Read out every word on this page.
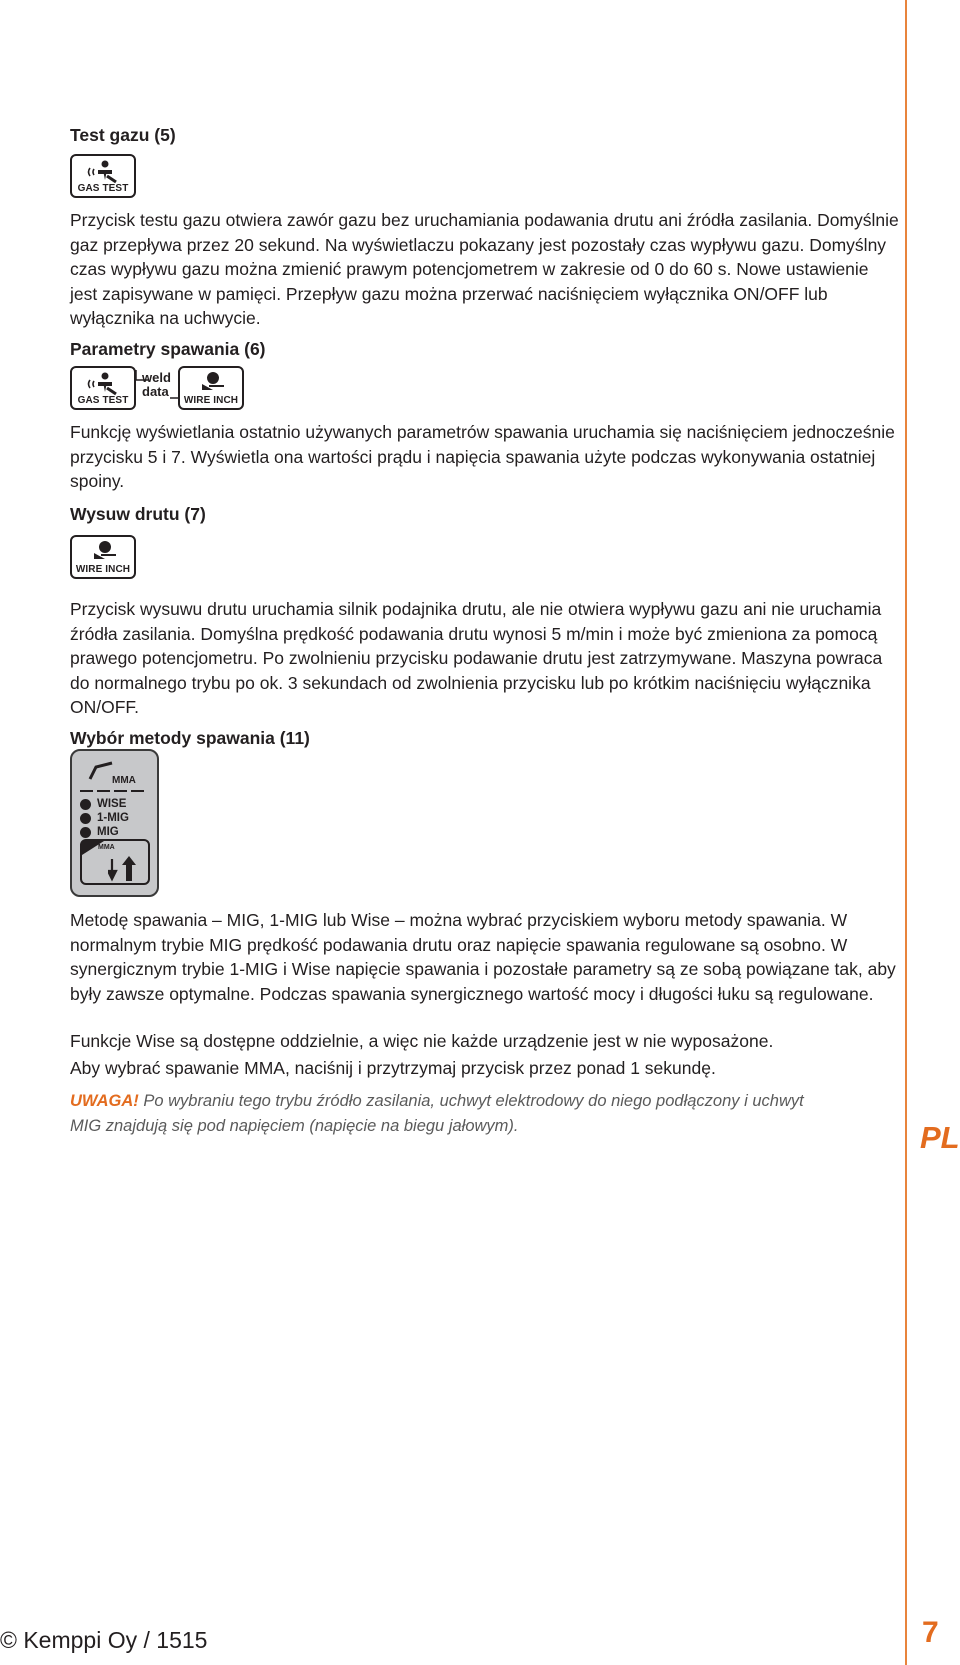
PL
Test gazu (5)
GAS TEST

Przycisk testu gazu otwiera zawór gazu bez uruchamiania podawania drutu ani źródła zasilania. Domyślnie gaz przepływa przez 20 sekund. Na wyświetlaczu pokazany jest pozostały czas wypływu gazu. Domyślny czas wypływu gazu można zmienić prawym potencjometrem w zakresie od 0 do 60 s. Nowe ustawienie jest zapisywane w pamięci. Przepływ gazu można przerwać naciśnięciem wyłącznika ON/OFF lub wyłącznika na uchwycie.

Parametry spawania (6)
GAS TEST
weld
data
WIRE INCH

Funkcję wyświetlania ostatnio używanych parametrów spawania uruchamia się naciśnięciem jednocześnie przycisku 5 i 7. Wyświetla ona wartości prądu i napięcia spawania użyte podczas wykonywania ostatniej spoiny.

Wysuw drutu (7)
WIRE INCH

Przycisk wysuwu drutu uruchamia silnik podajnika drutu, ale nie otwiera wypływu gazu ani nie uruchamia źródła zasilania. Domyślna prędkość podawania drutu wynosi 5 m/min i może być zmieniona za pomocą prawego potencjometru. Po zwolnieniu przycisku podawanie drutu jest zatrzymywane. Maszyna powraca do normalnego trybu po ok. 3 sekundach od zwolnienia przycisku lub po krótkim naciśnięciu wyłącznika ON/OFF.

Wybór metody spawania (11)
MMA
WISE
1-MIG
MIG
MMA

Metodę spawania – MIG, 1-MIG lub Wise – można wybrać przyciskiem wyboru metody spawania. W normalnym trybie MIG prędkość podawania drutu oraz napięcie spawania regulowane są osobno. W synergicznym trybie 1-MIG i Wise napięcie spawania i pozostałe parametry są ze sobą powiązane tak, aby były zawsze optymalne. Podczas spawania synergicznego wartość mocy i długości łuku są regulowane.

Funkcje Wise są dostępne oddzielnie, a więc nie każde urządzenie jest w nie wyposażone.

Aby wybrać spawanie MMA, naciśnij i przytrzymaj przycisk przez ponad 1 sekundę.

UWAGA! Po wybraniu tego trybu źródło zasilania, uchwyt elektrodowy do niego podłączony i uchwyt MIG znajdują się pod napięciem (napięcie na biegu jałowym).

© Kemppi Oy / 1515	7
